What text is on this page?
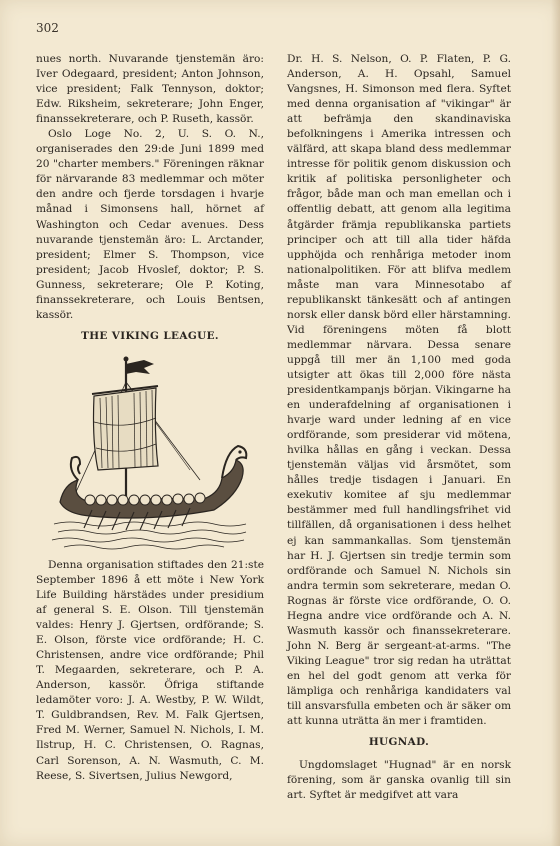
302

nues north. Nuvarande tjenstemän äro: Iver Odegaard, president; Anton Johnson, vice president; Falk Tennyson, doktor; Edw. Riksheim, sekreterare; John Enger, finanssekreterare, och P. Ruseth, kassör.

Oslo Loge No. 2, U. S. O. N., organiserades den 29:de Juni 1899 med 20 "charter members." Föreningen räknar för närvarande 83 medlemmar och möter den andre och fjerde torsdagen i hvarje månad i Simonsens hall, hörnet af Washington och Cedar avenues. Dess nuvarande tjenstemän äro: L. Arctander, president; Elmer S. Thompson, vice president; Jacob Hvoslef, doktor; P. S. Gunness, sekreterare; Ole P. Koting, finanssekreterare, och Louis Bentsen, kassör.

THE VIKING LEAGUE.

Denna organisation stiftades den 21:ste September 1896 å ett möte i New York Life Building härstädes under presidium af general S. E. Olson. Till tjenstemän valdes: Henry J. Gjertsen, ordförande; S. E. Olson, förste vice ordförande; H. C. Christensen, andre vice ordförande; Phil T. Megaarden, sekreterare, och P. A. Anderson, kassör. Öfriga stiftande ledamöter voro: J. A. Westby, P. W. Wildt, T. Guldbrandsen, Rev. M. Falk Gjertsen, Fred M. Werner, Samuel N. Nichols, I. M. Ilstrup, H. C. Christensen, O. Ragnas, Carl Sorenson, A. N. Wasmuth, C. M. Reese, S. Sivertsen, Julius Newgord,

Dr. H. S. Nelson, O. P. Flaten, P. G. Anderson, A. H. Opsahl, Samuel Vangsnes, H. Simonson med flera. Syftet med denna organisation af "vikingar" är att befrämja den skandinaviska befolkningens i Amerika intressen och välfärd, att skapa bland dess medlemmar intresse för politik genom diskussion och kritik af politiska personligheter och frågor, både man och man emellan och i offentlig debatt, att genom alla legitima åtgärder främja republikanska partiets principer och att till alla tider häfda upphöjda och renhåriga metoder inom nationalpolitiken. För att blifva medlem måste man vara Minnesotabo af republikanskt tänkesätt och af antingen norsk eller dansk börd eller härstamning. Vid föreningens möten få blott medlemmar närvara. Dessa senare uppgå till mer än 1,100 med goda utsigter att ökas till 2,000 före nästa presidentkampanjs början. Vikingarne ha en underafdelning af organisationen i hvarje ward under ledning af en vice ordförande, som presiderar vid mötena, hvilka hållas en gång i veckan. Dessa tjenstemän väljas vid årsmötet, som hålles tredje tisdagen i Januari. En exekutiv komitee af sju medlemmar bestämmer med full handlingsfrihet vid tillfällen, då organisationen i dess helhet ej kan sammankallas. Som tjenstemän har H. J. Gjertsen sin tredje termin som ordförande och Samuel N. Nichols sin andra termin som sekreterare, medan O. Rognas är förste vice ordförande, O. O. Hegna andre vice ordförande och A. N. Wasmuth kassör och finanssekreterare. John N. Berg är sergeant-at-arms. "The Viking League" tror sig redan ha uträttat en hel del godt genom att verka för lämpliga och renhåriga kandidaters val till ansvarsfulla embeten och är säker om att kunna uträtta än mer i framtiden.

HUGNAD.

Ungdomslaget "Hugnad" är en norsk förening, som är ganska ovanlig till sin art. Syftet är medgifvet att vara
